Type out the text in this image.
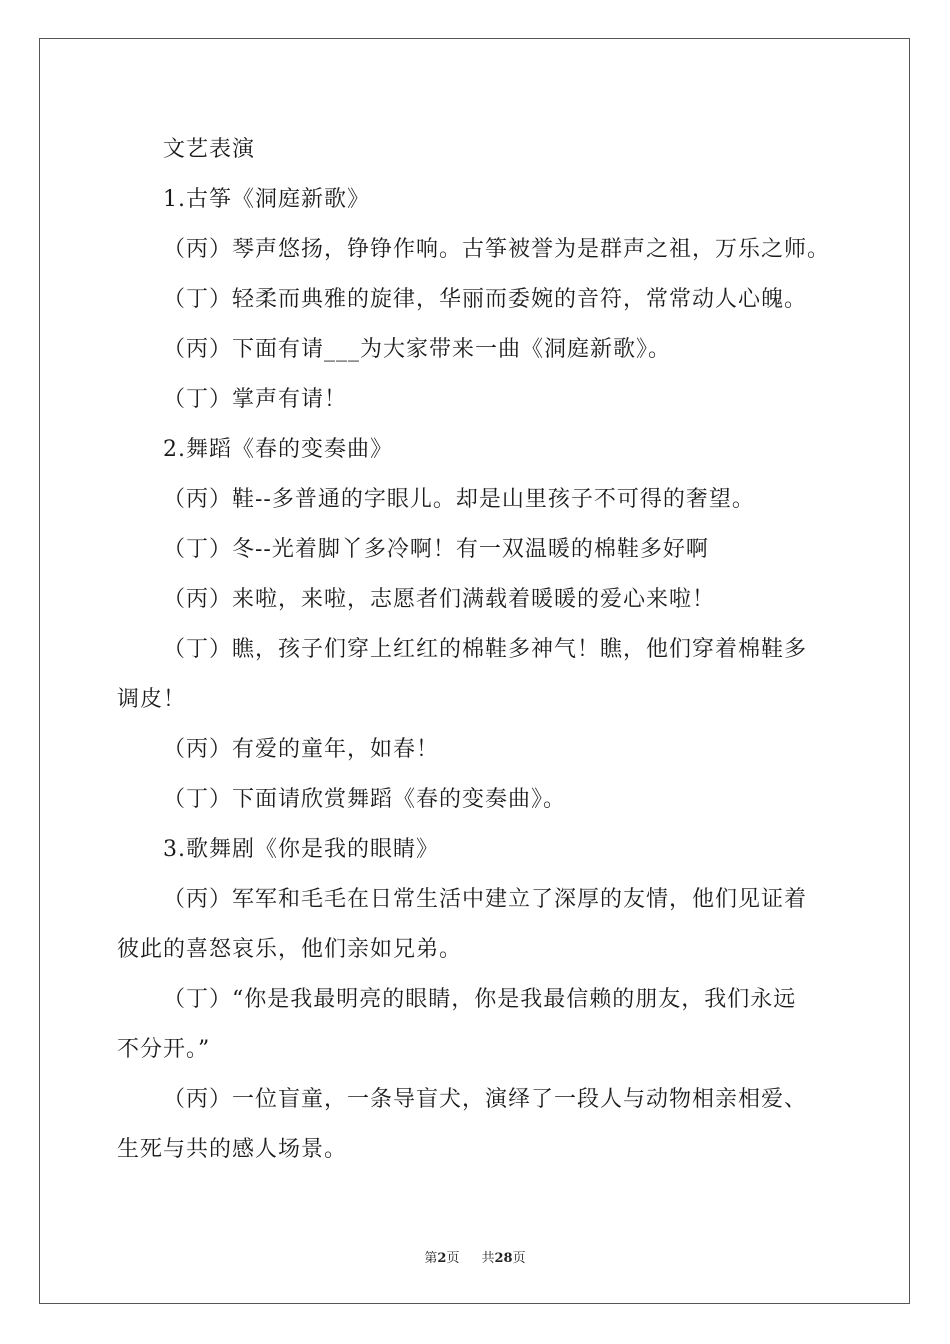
文艺表演
1.古筝《洞庭新歌》
（丙）琴声悠扬，铮铮作响。古筝被誉为是群声之祖，万乐之师。
（丁）轻柔而典雅的旋律，华丽而委婉的音符，常常动人心魄。
（丙）下面有请___为大家带来一曲《洞庭新歌》。
（丁）掌声有请！
2.舞蹈《春的变奏曲》
（丙）鞋--多普通的字眼儿。却是山里孩子不可得的奢望。
（丁）冬--光着脚丫多冷啊！有一双温暖的棉鞋多好啊
（丙）来啦，来啦，志愿者们满载着暖暖的爱心来啦！
（丁）瞧，孩子们穿上红红的棉鞋多神气！瞧，他们穿着棉鞋多
调皮！
（丙）有爱的童年，如春！
（丁）下面请欣赏舞蹈《春的变奏曲》。
3.歌舞剧《你是我的眼睛》
（丙）军军和毛毛在日常生活中建立了深厚的友情，他们见证着
彼此的喜怒哀乐，他们亲如兄弟。
（丁）“你是我最明亮的眼睛，你是我最信赖的朋友，我们永远
不分开。”
（丙）一位盲童，一条导盲犬，演绎了一段人与动物相亲相爱、
生死与共的感人场景。
第2页 共28页
